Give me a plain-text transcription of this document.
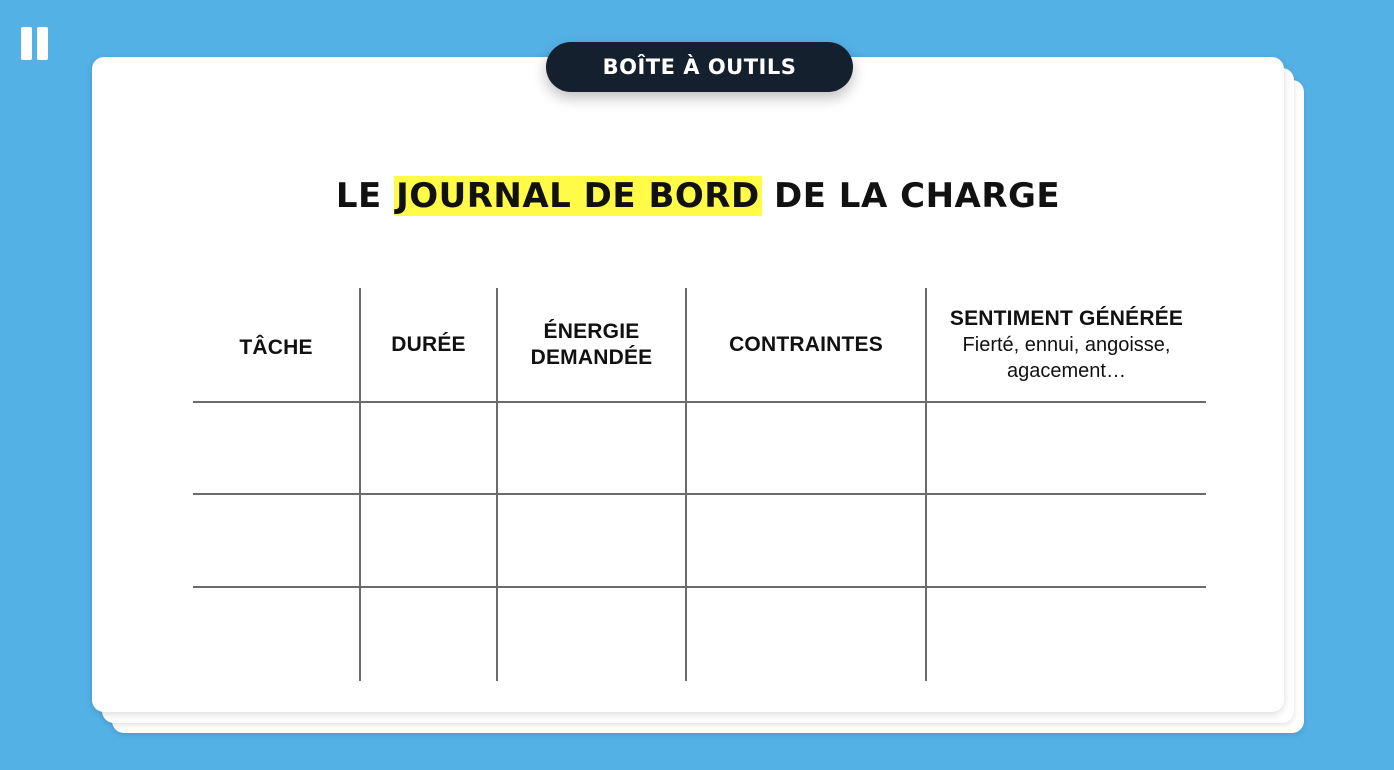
BOÎTE À OUTILS
LE JOURNAL DE BORD DE LA CHARGE
TÂCHE	DURÉE
ÉNERGIE DEMANDÉE
CONTRAINTES
SENTIMENT GÉNÉRÉE
Fierté, ennui, angoisse, agacement…
